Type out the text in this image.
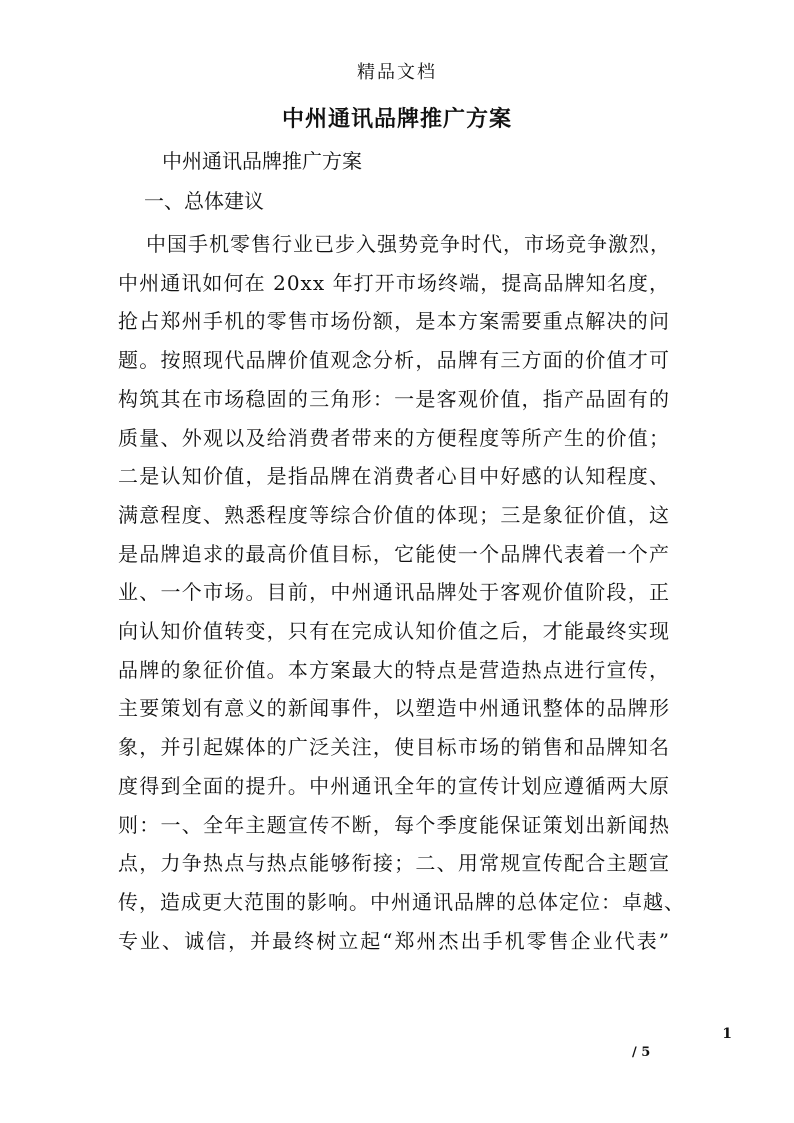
精品文档
中州通讯品牌推广方案
中州通讯品牌推广方案
一、总体建议
中国手机零售行业已步入强势竞争时代，市场竞争激烈，
中州通讯如何在 20xx 年打开市场终端，提高品牌知名度，
抢占郑州手机的零售市场份额，是本方案需要重点解决的问
题。按照现代品牌价值观念分析，品牌有三方面的价值才可
构筑其在市场稳固的三角形：一是客观价值，指产品固有的
质量、外观以及给消费者带来的方便程度等所产生的价值；
二是认知价值，是指品牌在消费者心目中好感的认知程度、
满意程度、熟悉程度等综合价值的体现；三是象征价值，这
是品牌追求的最高价值目标，它能使一个品牌代表着一个产
业、一个市场。目前，中州通讯品牌处于客观价值阶段，正
向认知价值转变，只有在完成认知价值之后，才能最终实现
品牌的象征价值。本方案最大的特点是营造热点进行宣传，
主要策划有意义的新闻事件，以塑造中州通讯整体的品牌形
象，并引起媒体的广泛关注，使目标市场的销售和品牌知名
度得到全面的提升。中州通讯全年的宣传计划应遵循两大原
则：一、全年主题宣传不断，每个季度能保证策划出新闻热
点，力争热点与热点能够衔接；二、用常规宣传配合主题宣
传，造成更大范围的影响。中州通讯品牌的总体定位：卓越、
专业、诚信，并最终树立起“郑州杰出手机零售企业代表”
1
/ 5
